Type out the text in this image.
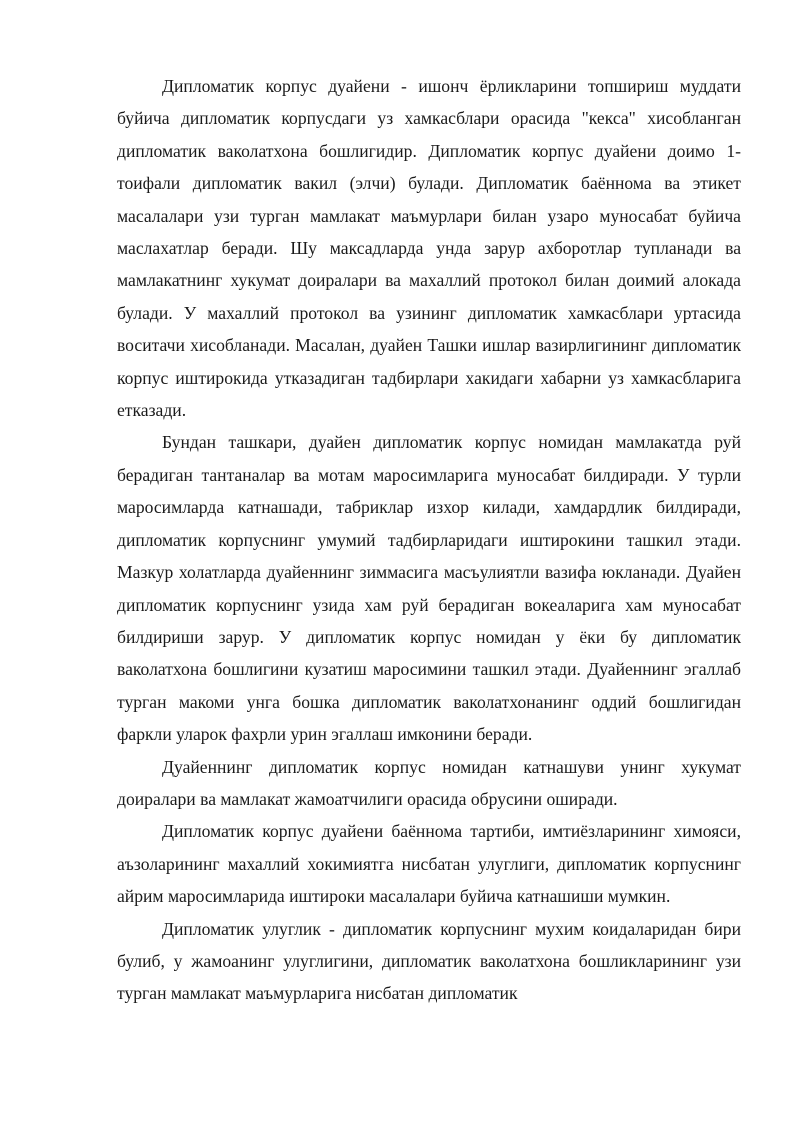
Дипломатик корпус дуайени - ишонч ёрликларини топшириш муддати буйича дипломатик корпусдаги уз хамкасблари орасида "кекса" хисобланган дипломатик ваколатхона бошлигидир. Дипломатик корпус дуайени доимо 1-тоифали дипломатик вакил (элчи) булади. Дипломатик баённома ва этикет масалалари узи турган мамлакат маъмурлари билан узаро муносабат буйича маслахатлар беради. Шу максадларда унда зарур ахборотлар тупланади ва мамлакатнинг хукумат доиралари ва махаллий протокол билан доимий алокада булади. У махаллий протокол ва узининг дипломатик хамкасблари уртасида воситачи хисобланади. Масалан, дуайен Ташки ишлар вазирлигининг дипломатик корпус иштирокида утказадиган тадбирлари хакидаги хабарни уз хамкасбларига етказади.

Бундан ташкари, дуайен дипломатик корпус номидан мамлакатда руй берадиган тантаналар ва мотам маросимларига муносабат билдиради. У турли маросимларда катнашади, табриклар изхор килади, хамдардлик билдиради, дипломатик корпуснинг умумий тадбирларидаги иштирокини ташкил этади. Мазкур холатларда дуайеннинг зиммасига масъулиятли вазифа юкланади. Дуайен дипломатик корпуснинг узида хам руй берадиган вокеаларига хам муносабат билдириши зарур. У дипломатик корпус номидан у ёки бу дипломатик ваколатхона бошлигини кузатиш маросимини ташкил этади. Дуайеннинг эгаллаб турган макоми унга бошка дипломатик ваколатхонанинг оддий бошлигидан фаркли уларок фахрли урин эгаллаш имконини беради.

Дуайеннинг дипломатик корпус номидан катнашуви унинг хукумат доиралари ва мамлакат жамоатчилиги орасида обрусини оширади.

Дипломатик корпус дуайени баённома тартиби, имтиёзларининг химояси, аъзоларининг махаллий хокимиятга нисбатан улуглиги, дипломатик корпуснинг айрим маросимларида иштироки масалалари буйича катнашиши мумкин.

Дипломатик улуглик - дипломатик корпуснинг мухим коидаларидан бири булиб, у жамоанинг улуглигини, дипломатик ваколатхона бошликларининг узи турган мамлакат маъмурларига нисбатан дипломатик
